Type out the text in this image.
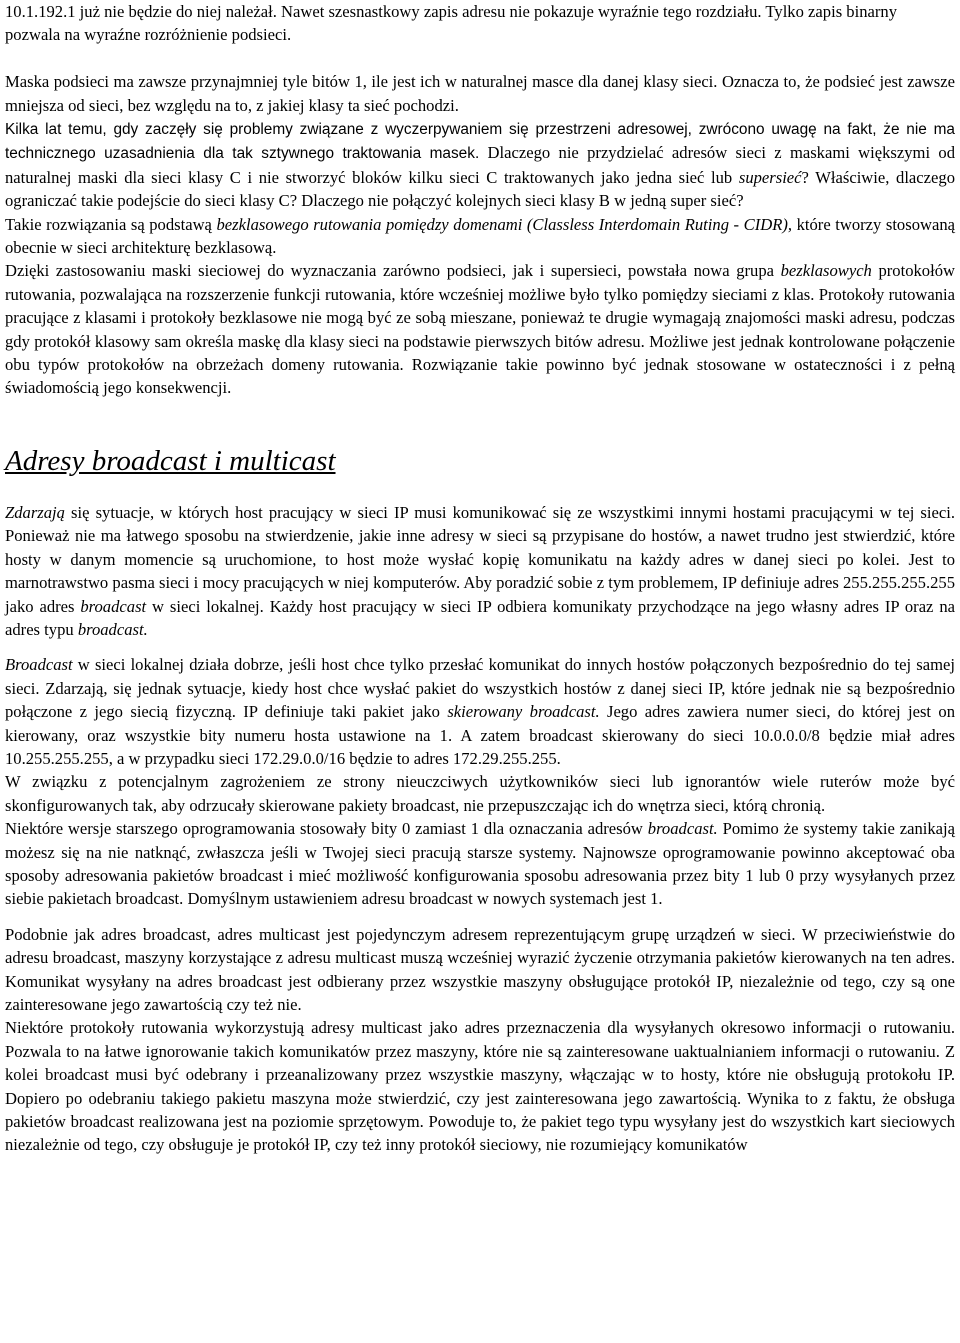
10.1.192.1 już nie będzie do niej należał. Nawet szesnastkowy zapis adresu nie pokazuje wyraźnie tego rozdziału. Tylko zapis binarny pozwala na wyraźne rozróżnienie podsieci.

Maska podsieci ma zawsze przynajmniej tyle bitów 1, ile jest ich w naturalnej masce dla danej klasy sieci. Oznacza to, że podsieć jest zawsze mniejsza od sieci, bez względu na to, z jakiej klasy ta sieć pochodzi.

Kilka lat temu, gdy zaczęły się problemy związane z wyczerpywaniem się przestrzeni adresowej, zwrócono uwagę na fakt, że nie ma technicznego uzasadnienia dla tak sztywnego traktowania masek. Dlaczego nie przydzielać adresów sieci z maskami większymi od naturalnej maski dla sieci klasy C i nie stworzyć bloków kilku sieci C traktowanych jako jedna sieć lub supersieć? Właściwie, dlaczego ograniczać takie podejście do sieci klasy C? Dlaczego nie połączyć kolejnych sieci klasy B w jedną super sieć?

Takie rozwiązania są podstawą bezklasowego rutowania pomiędzy domenami (Classless Interdomain Ruting - CIDR), które tworzy stosowaną obecnie w sieci architekturę bezklasową.

Dzięki zastosowaniu maski sieciowej do wyznaczania zarówno podsieci, jak i supersieci, powstała nowa grupa bezklasowych protokołów rutowania, pozwalająca na rozszerzenie funkcji rutowania, które wcześniej możliwe było tylko pomiędzy sieciami z klas. Protokoły rutowania pracujące z klasami i protokoły bezklasowe nie mogą być ze sobą mieszane, ponieważ te drugie wymagają znajomości maski adresu, podczas gdy protokół klasowy sam określa maskę dla klasy sieci na podstawie pierwszych bitów adresu. Możliwe jest jednak kontrolowane połączenie obu typów protokołów na obrzeżach domeny rutowania. Rozwiązanie takie powinno być jednak stosowane w ostateczności i z pełną świadomością jego konsekwencji.

Adresy broadcast i multicast

Zdarzają się sytuacje, w których host pracujący w sieci IP musi komunikować się ze wszystkimi innymi hostami pracującymi w tej sieci. Ponieważ nie ma łatwego sposobu na stwierdzenie, jakie inne adresy w sieci są przypisane do hostów, a nawet trudno jest stwierdzić, które hosty w danym momencie są uruchomione, to host może wysłać kopię komunikatu na każdy adres w danej sieci po kolei. Jest to marnotrawstwo pasma sieci i mocy pracujących w niej komputerów. Aby poradzić sobie z tym problemem, IP definiuje adres 255.255.255.255 jako adres broadcast w sieci lokalnej. Każdy host pracujący w sieci IP odbiera komunikaty przychodzące na jego własny adres IP oraz na adres typu broadcast.

Broadcast w sieci lokalnej działa dobrze, jeśli host chce tylko przesłać komunikat do innych hostów połączonych bezpośrednio do tej samej sieci. Zdarzają, się jednak sytuacje, kiedy host chce wysłać pakiet do wszystkich hostów z danej sieci IP, które jednak nie są bezpośrednio połączone z jego siecią fizyczną. IP definiuje taki pakiet jako skierowany broadcast. Jego adres zawiera numer sieci, do której jest on kierowany, oraz wszystkie bity numeru hosta ustawione na 1. A zatem broadcast skierowany do sieci 10.0.0.0/8 będzie miał adres 10.255.255.255, a w przypadku sieci 172.29.0.0/16 będzie to adres 172.29.255.255.

W związku z potencjalnym zagrożeniem ze strony nieuczciwych użytkowników sieci lub ignorantów wiele ruterów może być skonfigurowanych tak, aby odrzucały skierowane pakiety broadcast, nie przepuszczając ich do wnętrza sieci, którą chronią.

Niektóre wersje starszego oprogramowania stosowały bity 0 zamiast 1 dla oznaczania adresów broadcast. Pomimo że systemy takie zanikają możesz się na nie natknąć, zwłaszcza jeśli w Twojej sieci pracują starsze systemy. Najnowsze oprogramowanie powinno akceptować oba sposoby adresowania pakietów broadcast i mieć możliwość konfigurowania sposobu adresowania przez bity 1 lub 0 przy wysyłanych przez siebie pakietach broadcast. Domyślnym ustawieniem adresu broadcast w nowych systemach jest 1.

Podobnie jak adres broadcast, adres multicast jest pojedynczym adresem reprezentującym grupę urządzeń w sieci. W przeciwieństwie do adresu broadcast, maszyny korzystające z adresu multicast muszą wcześniej wyrazić życzenie otrzymania pakietów kierowanych na ten adres. Komunikat wysyłany na adres broadcast jest odbierany przez wszystkie maszyny obsługujące protokół IP, niezależnie od tego, czy są one zainteresowane jego zawartością czy też nie.

Niektóre protokoły rutowania wykorzystują adresy multicast jako adres przeznaczenia dla wysyłanych okresowo informacji o rutowaniu. Pozwala to na łatwe ignorowanie takich komunikatów przez maszyny, które nie są zainteresowane uaktualnianiem informacji o rutowaniu. Z kolei broadcast musi być odebrany i przeanalizowany przez wszystkie maszyny, włączając w to hosty, które nie obsługują protokołu IP. Dopiero po odebraniu takiego pakietu maszyna może stwierdzić, czy jest zainteresowana jego zawartością. Wynika to z faktu, że obsługa pakietów broadcast realizowana jest na poziomie sprzętowym. Powoduje to, że pakiet tego typu wysyłany jest do wszystkich kart sieciowych niezależnie od tego, czy obsługuje je protokół IP, czy też inny protokół sieciowy, nie rozumiejący komunikatów
